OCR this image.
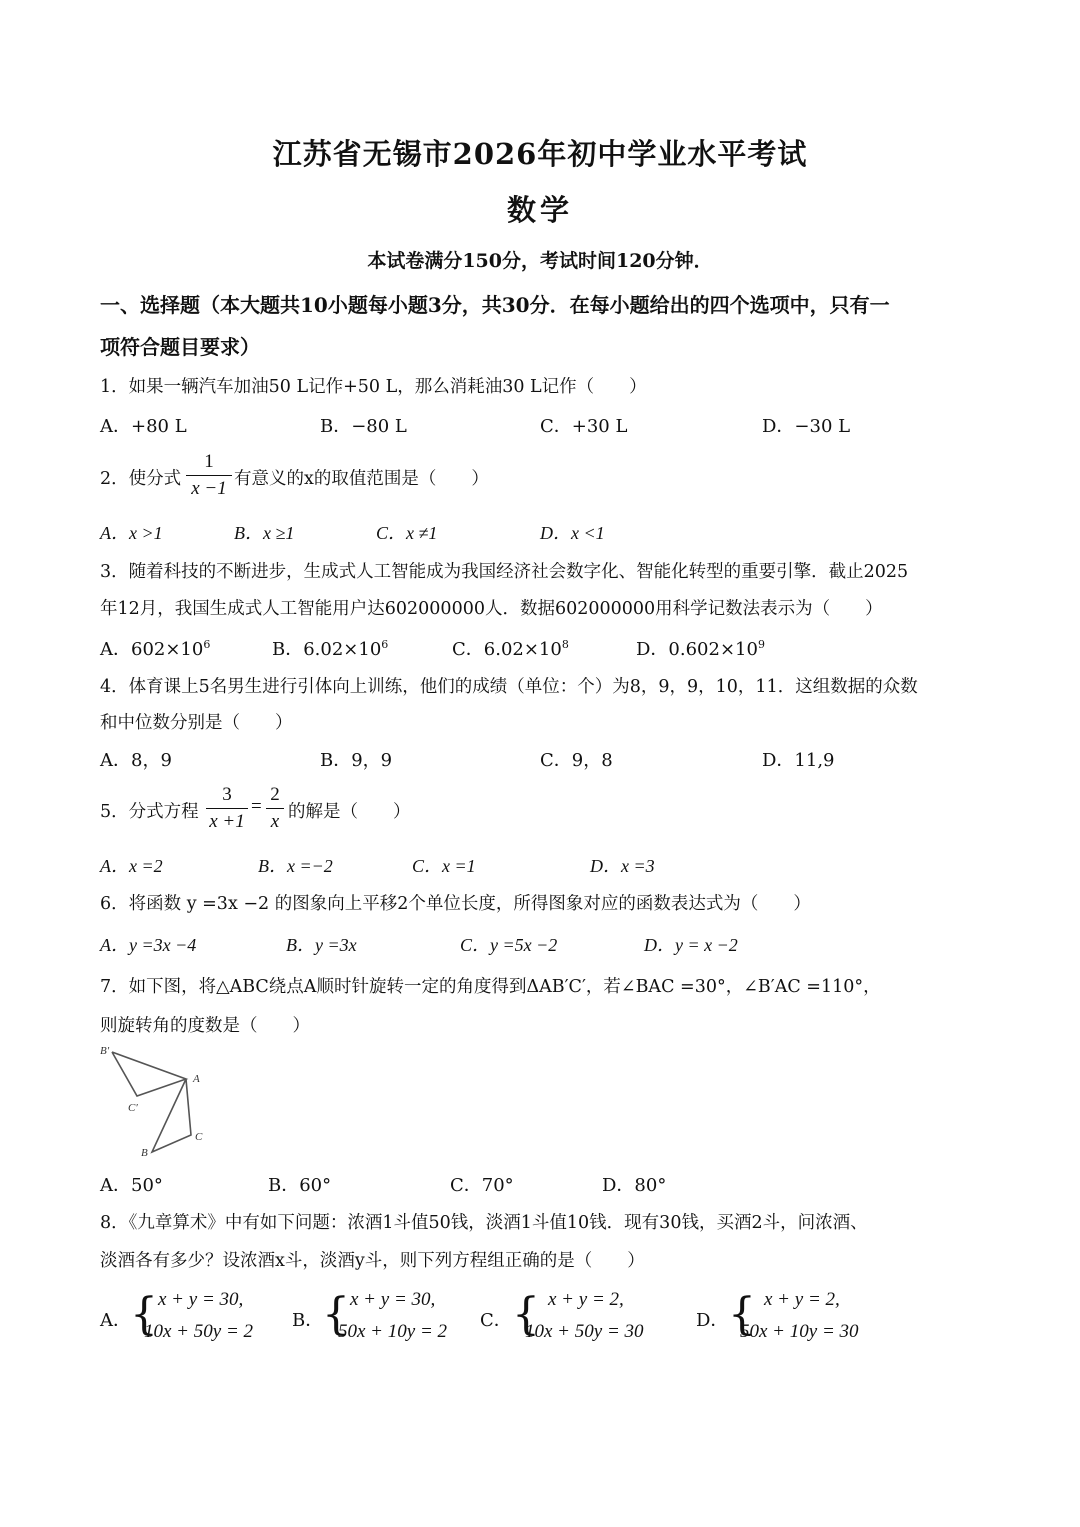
江苏省无锡市2026年初中学业水平考试
数学
本试卷满分150分，考试时间120分钟．
一、选择题（本大题共10小题每小题3分，共30分．在每小题给出的四个选项中，只有一
项符合题目要求）
1．如果一辆汽车加油50 L记作+50 L，那么消耗油30 L记作（　　）
A．+80 L	B．−80 L	C．+30 L	D．−30 L
2．使分式
1
x −1 有意义的x的取值范围是（　　）
A．x >1	B．x ≥1	C．x ≠1	D．x <1
3．随着科技的不断进步，生成式人工智能成为我国经济社会数字化、智能化转型的重要引擎．截止2025
年12月，我国生成式人工智能用户达602000000人．数据602000000用科学记数法表示为（　　）
A．$602\times 10^6$	B．$6.02\times 10^6$	C．$6.02\times 10^8$	D．$0.602\times 10^9$
4．体育课上5名男生进行引体向上训练，他们的成绩（单位：个）为8，9，9，10，11．这组数据的众数
和中位数分别是（　　）
A．8，9	B．9，9	C．9，8	D．11,9
5．分式方程
3
x +1
=
2
x 的解是（　　）
A．x =2	B．x =−2	C．x =1	D．x =3
6．将函数 y =3x −2 的图象向上平移2个单位长度，所得图象对应的函数表达式为（　　）
A．y =3x −4	B．y =3x	C．y =5x −2	D．y = x −2
7．如下图，将△ABC绕点A顺时针旋转一定的角度得到ΔAB′C′，若∠BAC =30°，∠B′AC =110°，
则旋转角的度数是（　　）
B′
A
C′
B
C
A．50°	B．60°	C．70°	D．80°
8．《九章算术》中有如下问题：浓酒1斗值50钱，淡酒1斗值10钱．现有30钱，买酒2斗，问浓酒、
淡酒各有多少？设浓酒x斗，淡酒y斗，则下列方程组正确的是（　　）
A． { x + y = 30,
10x + 50y = 2
B．
{ x + y = 30,
50x + 10y = 2
C． { x + y = 2,
10x + 50y = 30
D． { x + y = 2,
50x + 10y = 30
